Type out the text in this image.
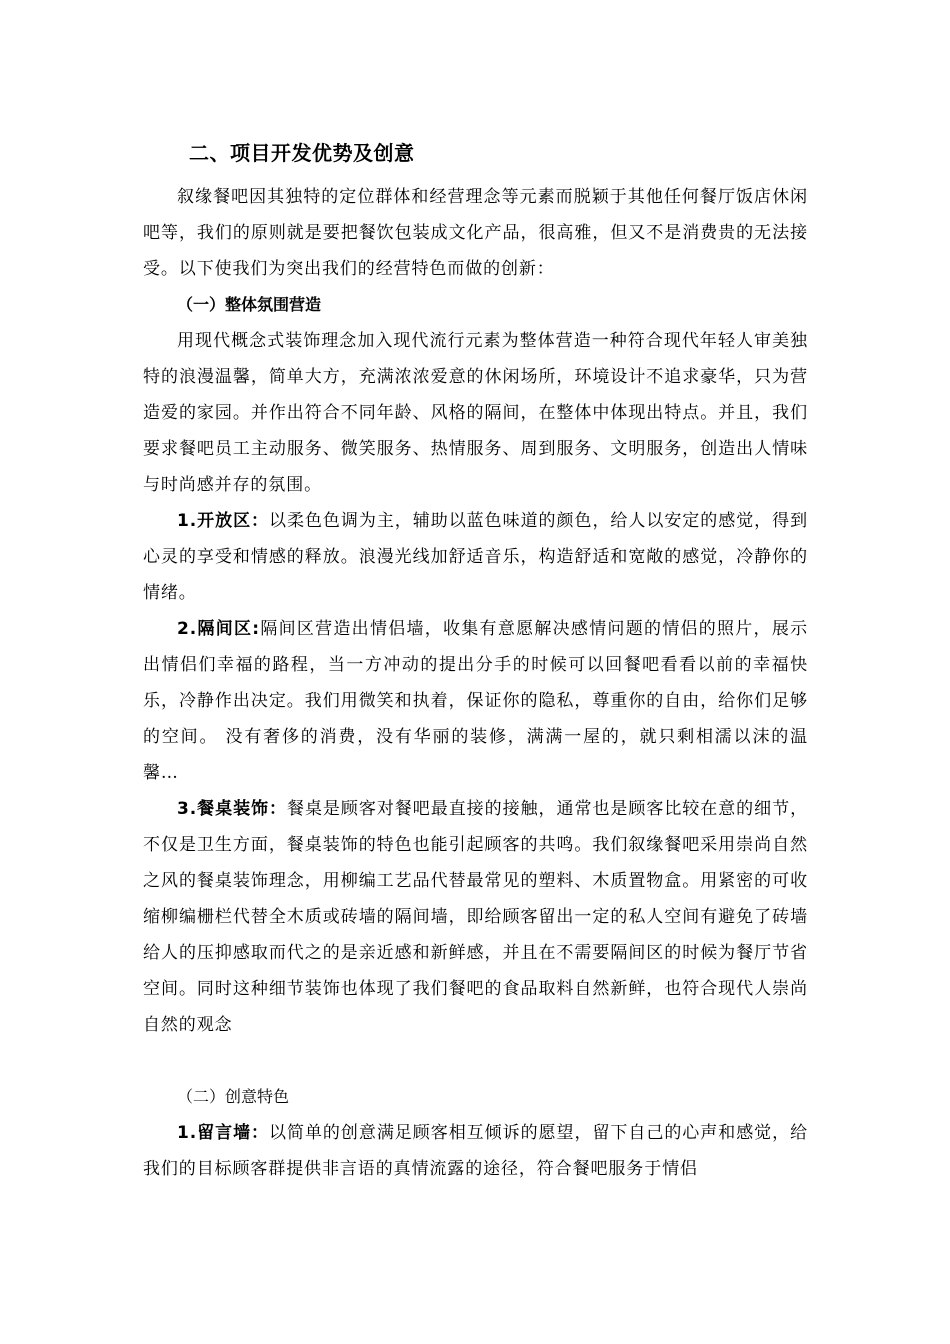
二、项目开发优势及创意

叙缘餐吧因其独特的定位群体和经营理念等元素而脱颖于其他任何餐厅饭店休闲吧等，我们的原则就是要把餐饮包装成文化产品，很高雅，但又不是消费贵的无法接受。以下使我们为突出我们的经营特色而做的创新：

（一）整体氛围营造

用现代概念式装饰理念加入现代流行元素为整体营造一种符合现代年轻人审美独特的浪漫温馨，简单大方，充满浓浓爱意的休闲场所，环境设计不追求豪华，只为营造爱的家园。并作出符合不同年龄、风格的隔间，在整体中体现出特点。并且，我们要求餐吧员工主动服务、微笑服务、热情服务、周到服务、文明服务，创造出人情味与时尚感并存的氛围。

1.开放区：以柔色色调为主，辅助以蓝色味道的颜色，给人以安定的感觉，得到心灵的享受和情感的释放。浪漫光线加舒适音乐，构造舒适和宽敞的感觉，冷静你的情绪。

2.隔间区:隔间区营造出情侣墙，收集有意愿解决感情问题的情侣的照片，展示出情侣们幸福的路程，当一方冲动的提出分手的时候可以回餐吧看看以前的幸福快乐，冷静作出决定。我们用微笑和执着，保证你的隐私，尊重你的自由，给你们足够的空间。 没有奢侈的消费，没有华丽的装修，满满一屋的，就只剩相濡以沫的温馨…

3.餐桌装饰：餐桌是顾客对餐吧最直接的接触，通常也是顾客比较在意的细节，不仅是卫生方面，餐桌装饰的特色也能引起顾客的共鸣。我们叙缘餐吧采用崇尚自然之风的餐桌装饰理念，用柳编工艺品代替最常见的塑料、木质置物盒。用紧密的可收缩柳编栅栏代替全木质或砖墙的隔间墙，即给顾客留出一定的私人空间有避免了砖墙给人的压抑感取而代之的是亲近感和新鲜感，并且在不需要隔间区的时候为餐厅节省空间。同时这种细节装饰也体现了我们餐吧的食品取料自然新鲜，也符合现代人崇尚自然的观念

（二）创意特色

1.留言墙：以简单的创意满足顾客相互倾诉的愿望，留下自己的心声和感觉，给我们的目标顾客群提供非言语的真情流露的途径，符合餐吧服务于情侣
